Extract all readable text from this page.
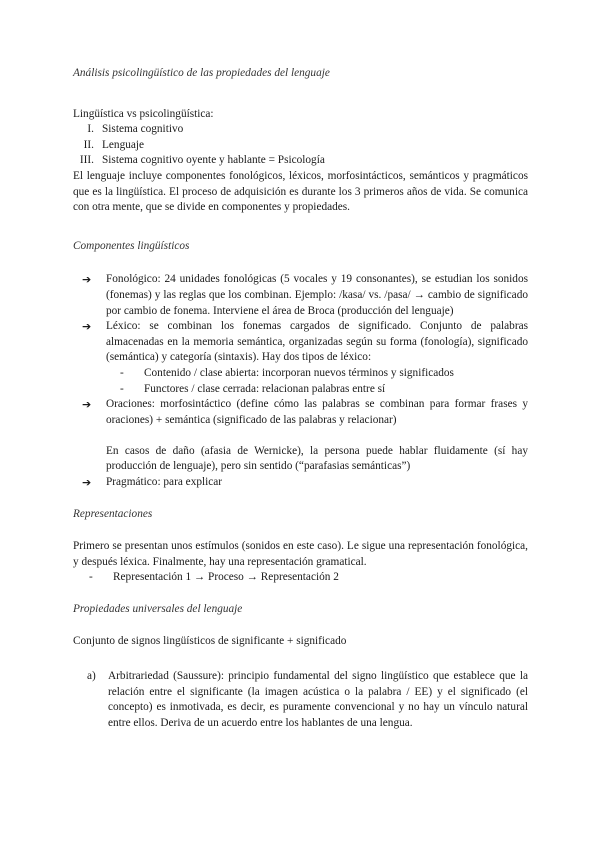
Análisis psicolingüístico de las propiedades del lenguaje

Lingüística vs psicolingüística:

I. Sistema cognitivo
II. Lenguaje
III. Sistema cognitivo oyente y hablante = Psicología

El lenguaje incluye componentes fonológicos, léxicos, morfosintácticos, semánticos y pragmáticos que es la lingüística. El proceso de adquisición es durante los 3 primeros años de vida. Se comunica con otra mente, que se divide en componentes y propiedades.

Componentes lingüísticos

➔	Fonológico: 24 unidades fonológicas (5 vocales y 19 consonantes), se estudian los sonidos (fonemas) y las reglas que los combinan. Ejemplo: /kasa/ vs. /pasa/ → cambio de significado por cambio de fonema. Interviene el área de Broca (producción del lenguaje)

➔	Léxico: se combinan los fonemas cargados de significado. Conjunto de palabras almacenadas en la memoria semántica, organizadas según su forma (fonología), significado (semántica) y categoría (sintaxis). Hay dos tipos de léxico:

-	Contenido / clase abierta: incorporan nuevos términos y significados
-	Functores / clase cerrada: relacionan palabras entre sí
➔	Oraciones: morfosintáctico (define cómo las palabras se combinan para formar frases y oraciones) + semántica (significado de las palabras y relacionar)

En casos de daño (afasia de Wernicke), la persona puede hablar fluidamente (sí hay producción de lenguaje), pero sin sentido (“parafasias semánticas”)

➔	Pragmático: para explicar

Representaciones

Primero se presentan unos estímulos (sonidos en este caso). Le sigue una representación fonológica, y después léxica. Finalmente, hay una representación gramatical.

-	Representación 1 → Proceso → Representación 2

Propiedades universales del lenguaje

Conjunto de signos lingüísticos de significante + significado

a)	Arbitrariedad (Saussure): principio fundamental del signo lingüístico que establece que la relación entre el significante (la imagen acústica o la palabra / EE) y el significado (el concepto) es inmotivada, es decir, es puramente convencional y no hay un vínculo natural entre ellos. Deriva de un acuerdo entre los hablantes de una lengua.
